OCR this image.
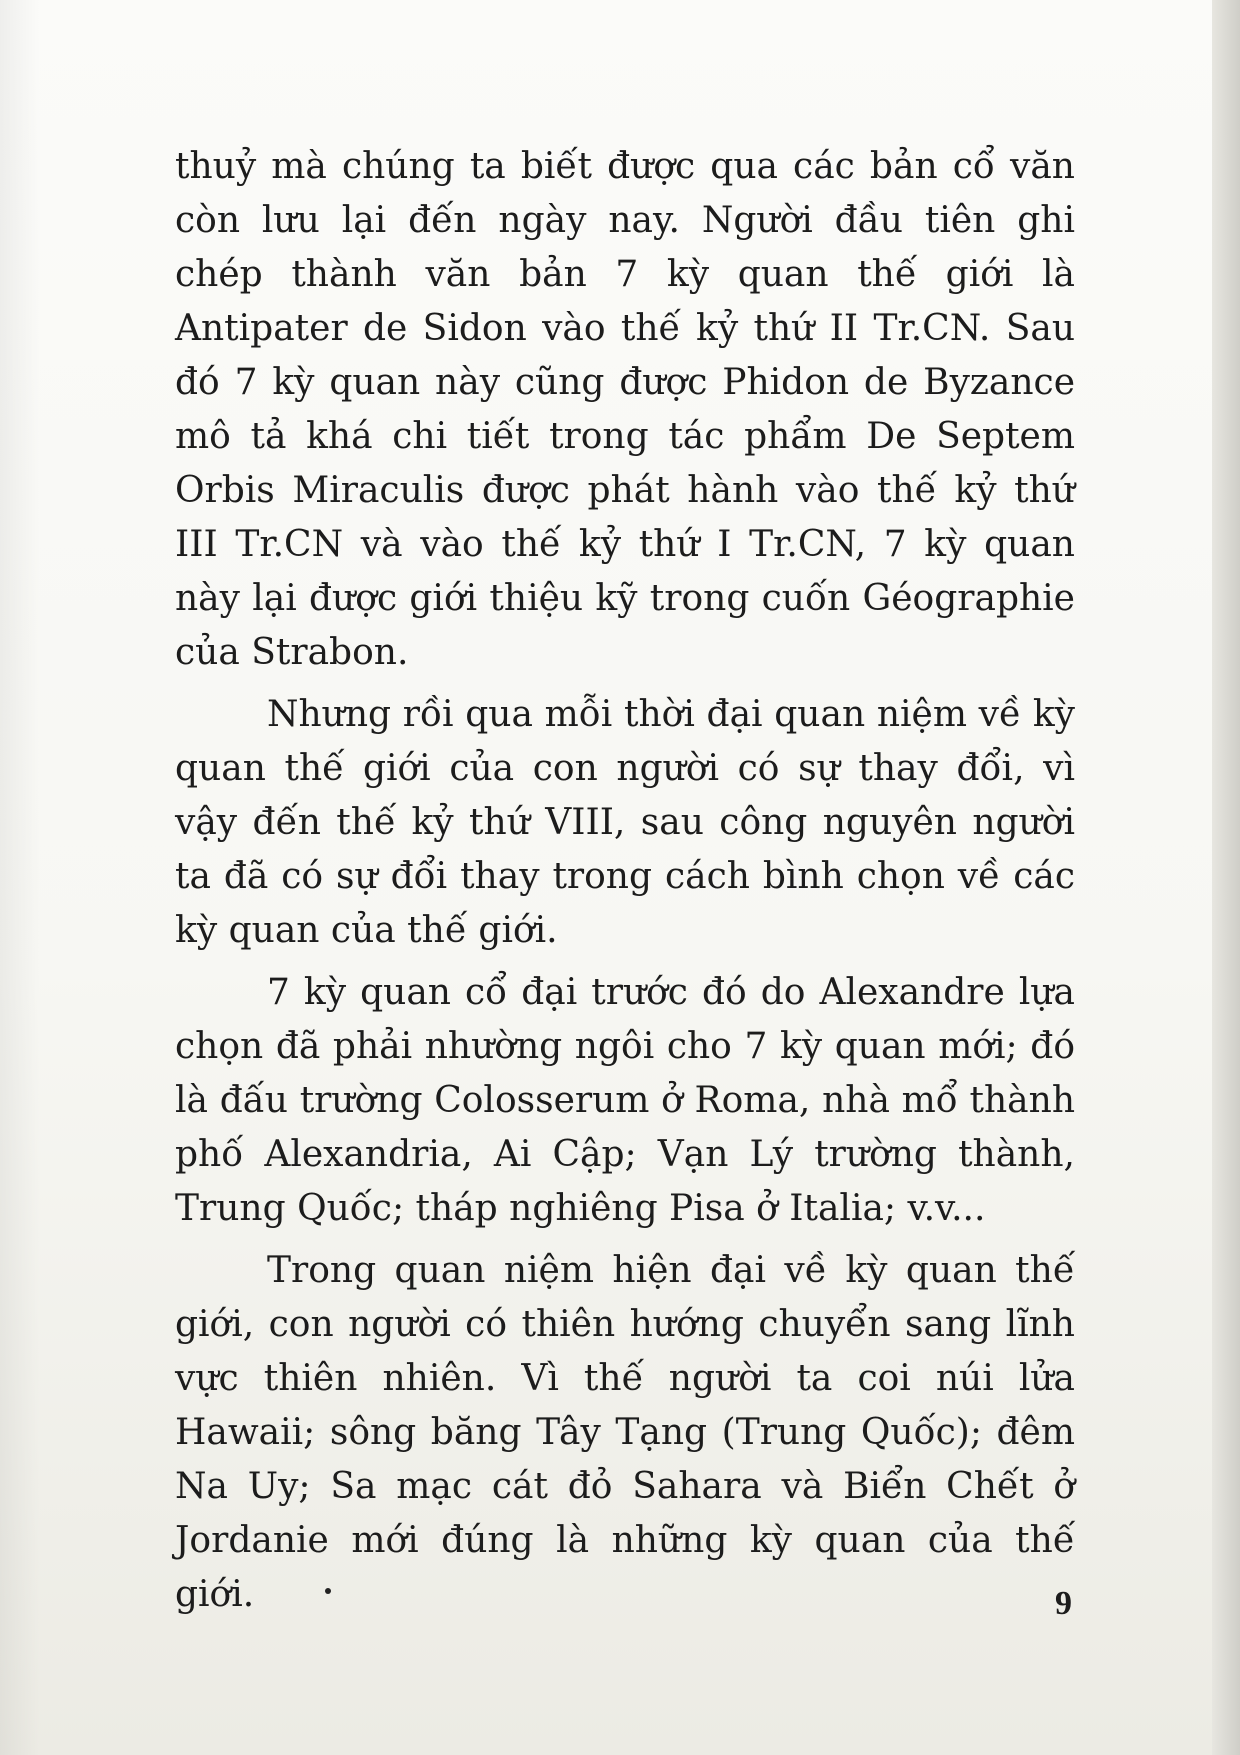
thuỷ mà chúng ta biết được qua các bản cổ văn còn lưu lại đến ngày nay. Người đầu tiên ghi chép thành văn bản 7 kỳ quan thế giới là Antipater de Sidon vào thế kỷ thứ II Tr.CN. Sau đó 7 kỳ quan này cũng được Phidon de Byzance mô tả khá chi tiết trong tác phẩm De Septem Orbis Miraculis được phát hành vào thế kỷ thứ III Tr.CN và vào thế kỷ thứ I Tr.CN, 7 kỳ quan này lại được giới thiệu kỹ trong cuốn Géographie của Strabon.

Nhưng rồi qua mỗi thời đại quan niệm về kỳ quan thế giới của con người có sự thay đổi, vì vậy đến thế kỷ thứ VIII, sau công nguyên người ta đã có sự đổi thay trong cách bình chọn về các kỳ quan của thế giới.

7 kỳ quan cổ đại trước đó do Alexandre lựa chọn đã phải nhường ngôi cho 7 kỳ quan mới; đó là đấu trường Colosserum ở Roma, nhà mổ thành phố Alexandria, Ai Cập; Vạn Lý trường thành, Trung Quốc; tháp nghiêng Pisa ở Italia; v.v...

Trong quan niệm hiện đại về kỳ quan thế giới, con người có thiên hướng chuyển sang lĩnh vực thiên nhiên. Vì thế người ta coi núi lửa Hawaii; sông băng Tây Tạng (Trung Quốc); đêm Na Uy; Sa mạc cát đỏ Sahara và Biển Chết ở Jordanie mới đúng là những kỳ quan của thế giới.	9
